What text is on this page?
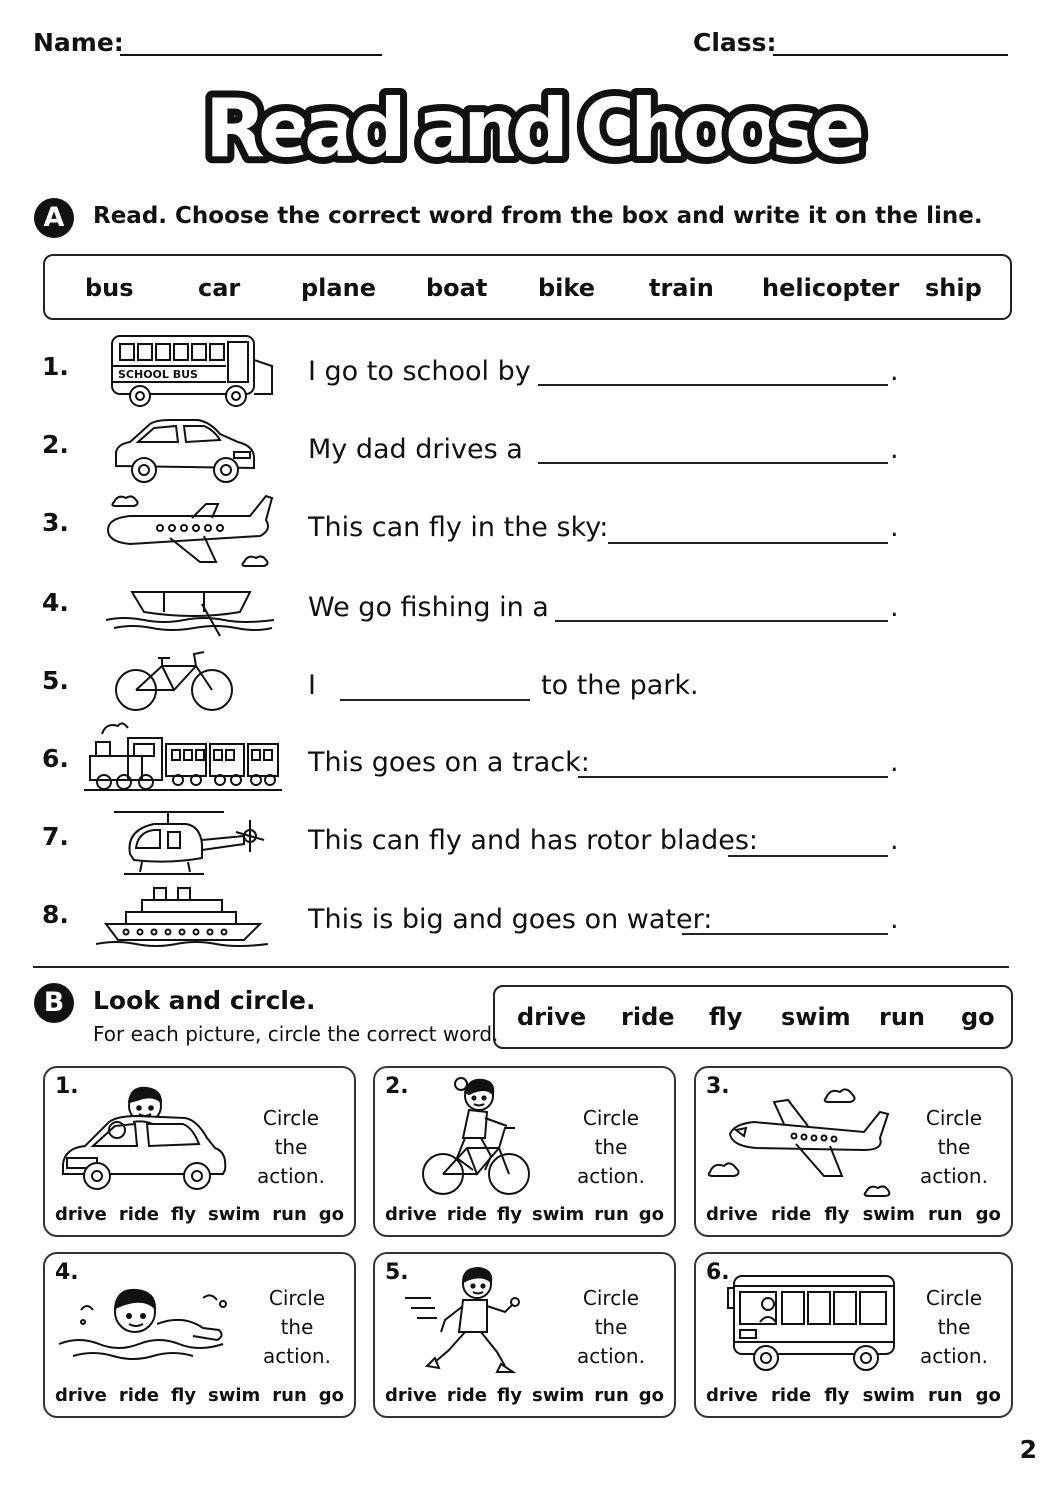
Name:	Class:
Read and Choose
A	Read. Choose the correct word from the box and write it on the line.
bus	car	plane boat bike train helicopter ship
1.	SCHOOL BUS	I go to school by	.
2.	My dad drives a	.
3.	This can fly in the sky:	.
4.	We go fishing in a	.
5.	I	to the park.
6.	This goes on a track:	.
7.	This can fly and has rotor blades:	.
8.	This is big and goes on water:	.
B	Look and circle.
For each picture, circle the correct word.
drive ride fly swim run go
1.
Circle
the action.
drive ride fly swim run go
2.
Circle
the action.
drive ride fly swim run go
3.
Circle
the action.
drive ride fly swim run go
4.
Circle
the action.
drive ride fly swim run go
5.
Circle
the action.
drive ride fly swim run go
6.
Circle
the action.
drive ride fly swim run go
2
